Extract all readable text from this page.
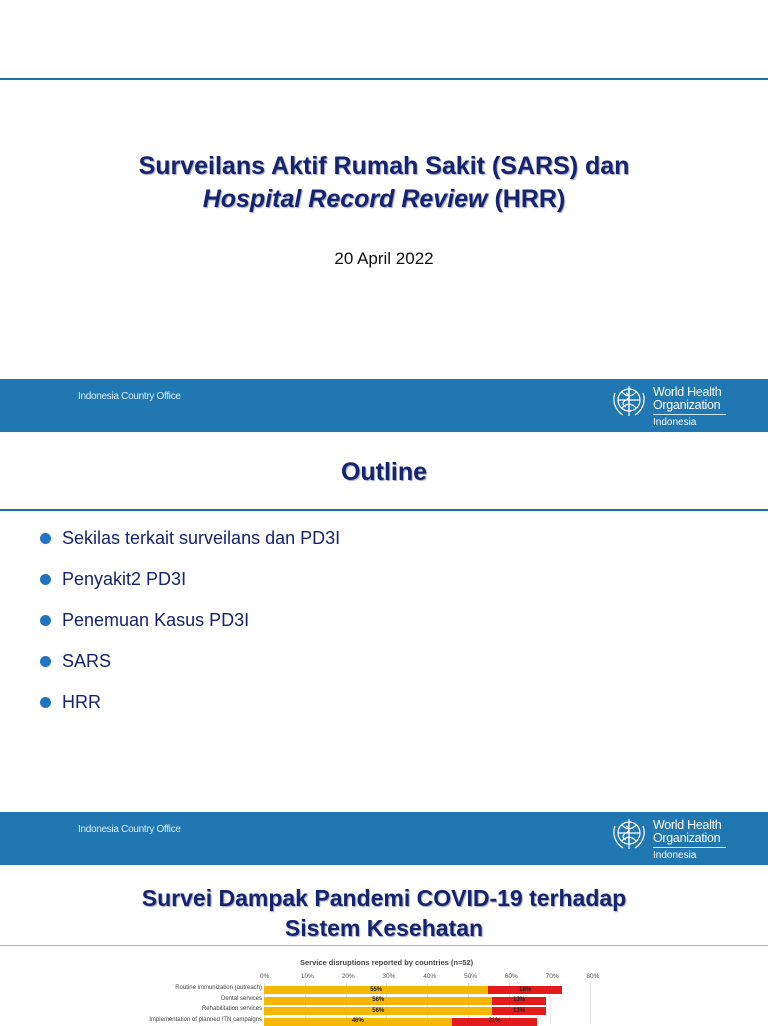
Surveilans Aktif Rumah Sakit (SARS) dan
Hospital Record Review (HRR)
20 April 2022
Indonesia Country Office	World Health
Organization
Indonesia
Outline
Sekilas terkait surveilans dan PD3I
Penyakit2 PD3I
Penemuan Kasus PD3I
SARS
HRR
Indonesia Country Office	World Health
Organization
Indonesia
Survei Dampak Pandemi COVID-19 terhadap
Sistem Kesehatan
Service disruptions reported by countries (n=52)
0%	10%	20%	30%	40%	50%	60%	70%	80%
Routine immunization (outreach)	55%	18%
Dental services	56%	13%
Rehabilitation services	56%	13%
Implementation of planned ITN campaigns	46%	21%
